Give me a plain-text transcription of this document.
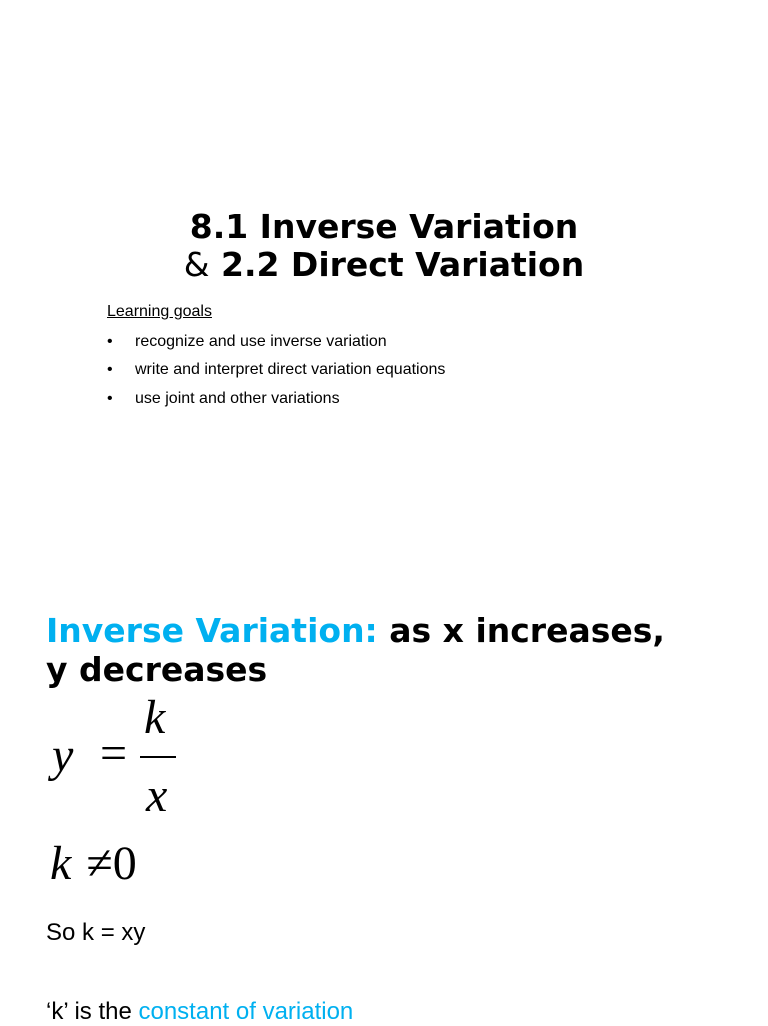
8.1 Inverse Variation
& 2.2 Direct Variation
Learning goals
• recognize and use inverse variation
• write and interpret direct variation equations
• use joint and other variations
Inverse Variation: as x increases,
y decreases
y =
k
x
k ≠0
So k = xy
‘k’ is the constant of variation
